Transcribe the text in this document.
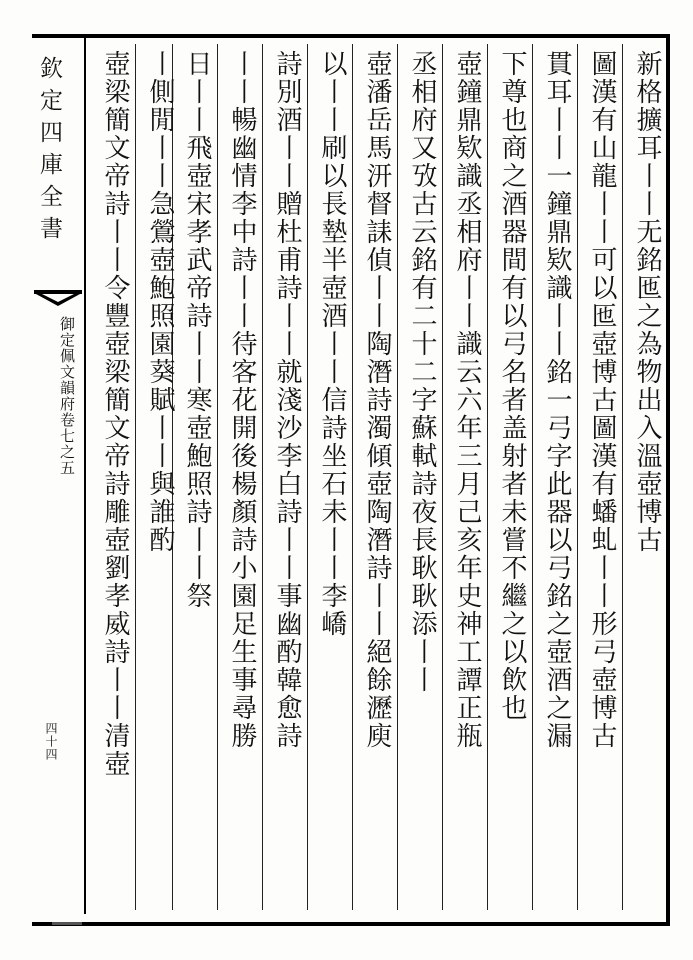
欽定四庫全書
御定佩文韻府卷七之五
四十四
新格擴耳丨丨无銘匜之為物出入溫壺博古
圖漢有山龍丨丨可以匜壺博古圖漢有蟠虬丨丨形弓壺博古
貫耳丨丨一鐘鼎欵識丨丨銘一弓字此器以弓銘之壺酒之漏
下尊也商之酒器間有以弓名者盖射者未嘗不繼之以飲也
壺鐘鼎欵識丞相府丨丨識云六年三月己亥年史神工譚正瓶
丞相府又攷古云銘有二十二字蘇軾詩夜長耿耿添丨丨
壺潘岳馬汧督誄偵丨丨陶潛詩濁傾壺陶潛詩丨丨絕餘瀝庾
以丨丨刷以長墊半壺酒丨丨信詩坐石未丨丨李嶠
詩別酒丨丨贈杜甫詩丨丨就淺沙李白詩丨丨事幽酌韓愈詩
丨丨暢幽情李中詩丨丨待客花開後楊顏詩小園足生事尋勝
日丨丨飛壺宋孝武帝詩丨丨寒壺鮑照詩丨丨祭
丨側閒丨丨急鶯壺鮑照園葵賦丨丨與誰酌
壺梁簡文帝詩丨丨令豐壺梁簡文帝詩雕壺劉孝威詩丨丨清壺
